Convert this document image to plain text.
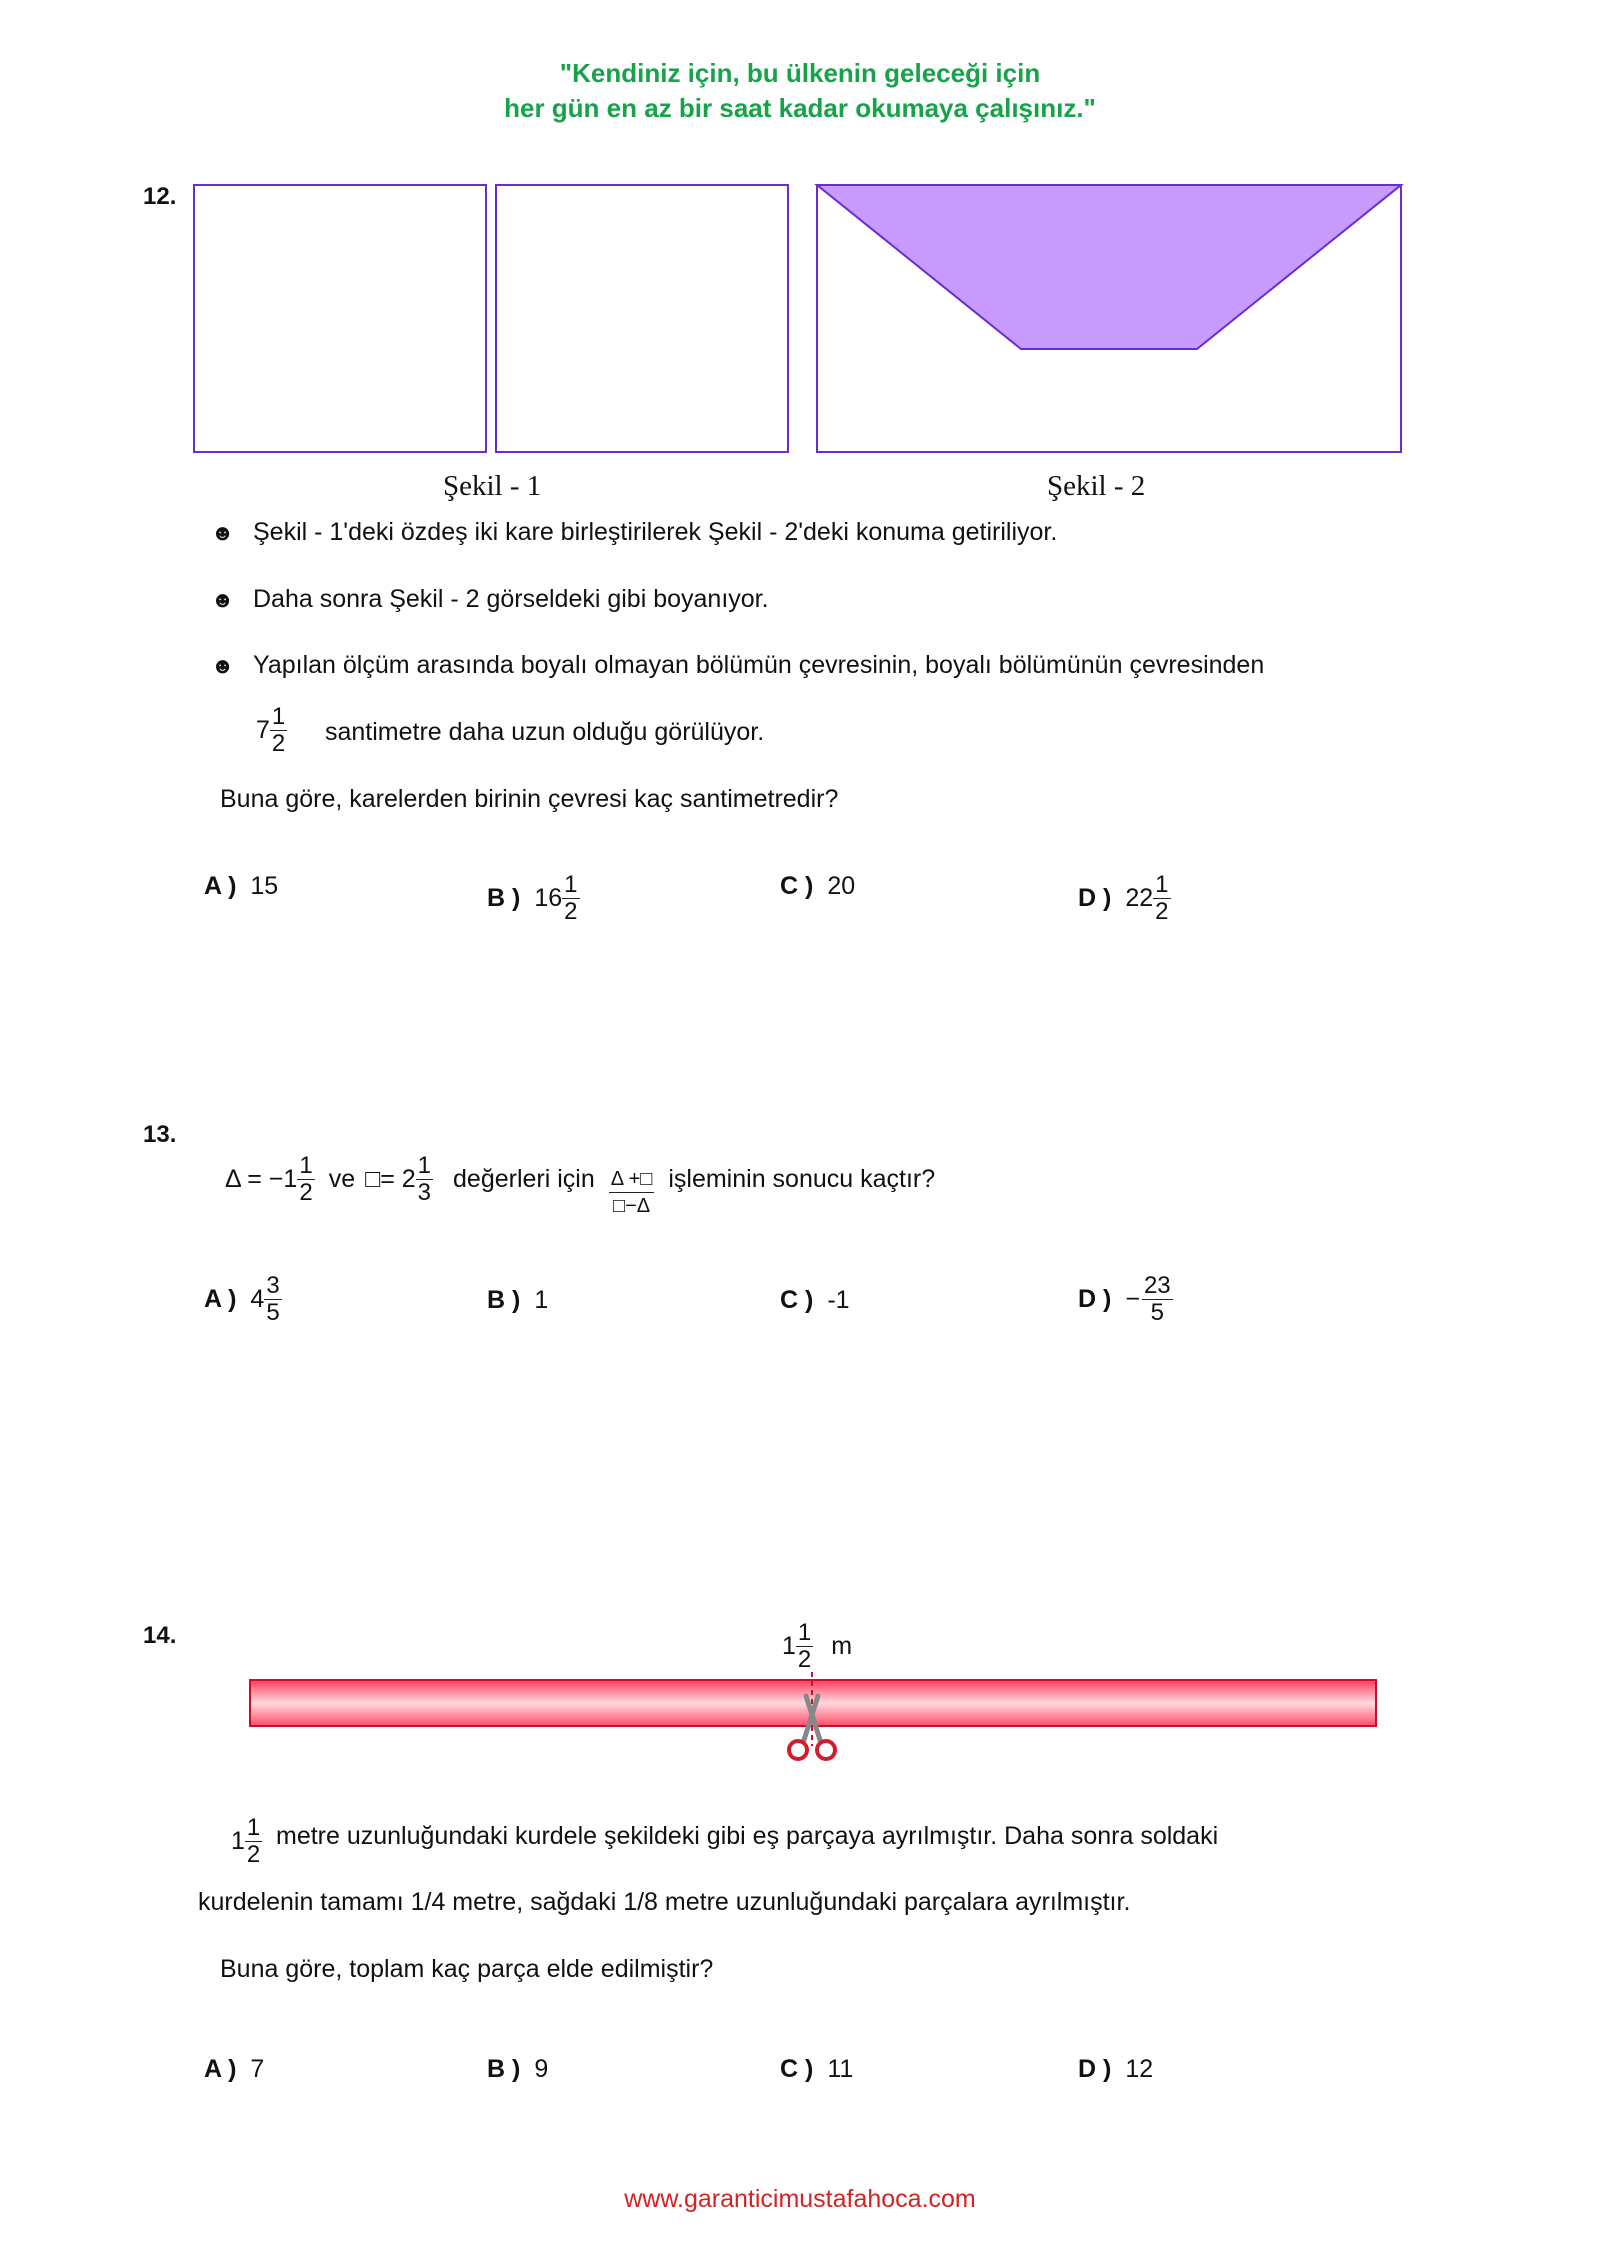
"Kendiniz için, bu ülkenin geleceği için
her gün en az bir saat kadar okumaya çalışınız."
12.
Şekil - 1	Şekil - 2
☻ Şekil - 1'deki özdeş iki kare birleştirilerek Şekil - 2'deki konuma getiriliyor.
☻ Daha sonra Şekil - 2 görseldeki gibi boyanıyor.
☻ Yapılan ölçüm arasında boyalı olmayan bölümün çevresinin, boyalı bölümünün çevresinden
$7 \frac{1}{2}$ santimetre daha uzun olduğu görülüyor.
Buna göre, karelerden birinin çevresi kaç santimetredir?
A ) 15	B ) $16 \frac{1}{2}$	C ) 20	D ) $22 \frac{1}{2}$
13.
$\Delta = -1 \frac{1}{2}$ ve □= $2 \frac{1}{3}$ değerleri için $\frac{\Delta +□}{□-\Delta}$ işleminin sonucu kaçtır?
A ) $4 \frac{3}{5}$	B ) 1	C ) -1	D ) − $\frac{23}{5}$
14.	$1 \frac{1}{2}$ m
$1 \frac{1}{2}$ metre uzunluğundaki kurdele şekildeki gibi eş parçaya ayrılmıştır. Daha sonra soldaki
kurdelenin tamamı 1/4 metre, sağdaki 1/8 metre uzunluğundaki parçalara ayrılmıştır.
Buna göre, toplam kaç parça elde edilmiştir?
A ) 7	B ) 9	C ) 11	D ) 12
www.garanticimustafahoca.com
